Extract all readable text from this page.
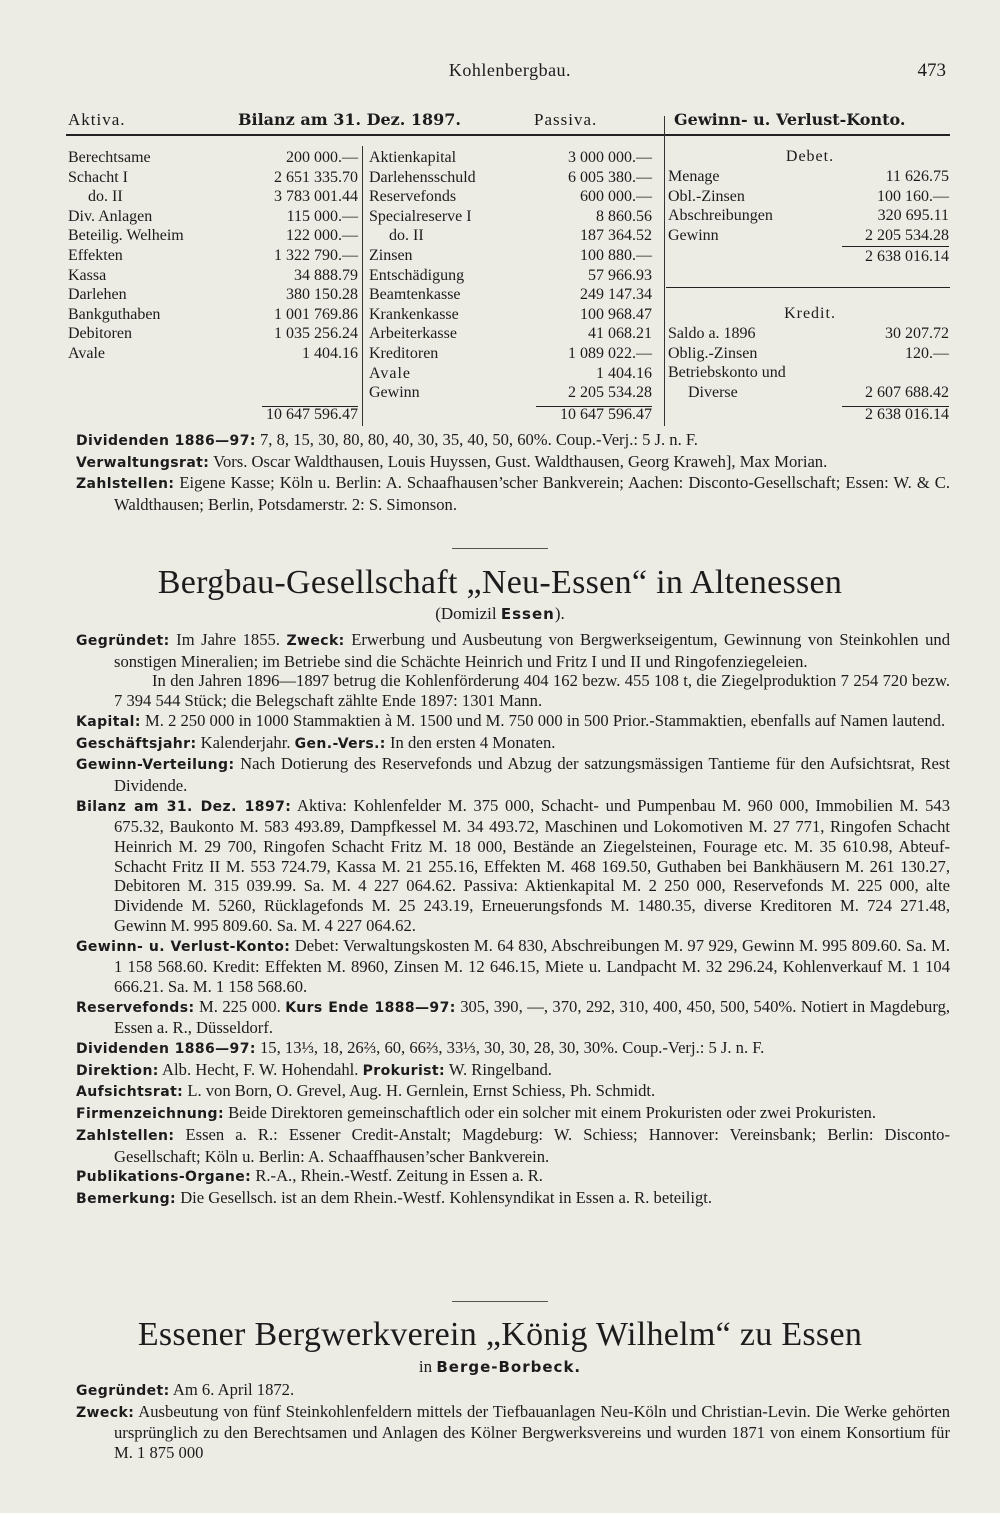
Kohlenbergbau.	473
Aktiva.	Bilanz am 31. Dez. 1897.	Passiva.	Gewinn- u. Verlust-Konto.
Berechtsame	200 000.—
Schacht I	2 651 335.70
do. II	3 783 001.44
Div. Anlagen	115 000.—
Beteilig. Welheim	122 000.—
Effekten	1 322 790.—
Kassa	34 888.79
Darlehen	380 150.28
Bankguthaben	1 001 769.86
Debitoren	1 035 256.24
Avale	1 404.16
10 647 596.47
Aktienkapital	3 000 000.—
Darlehensschuld	6 005 380.—
Reservefonds	600 000.—
Specialreserve I	8 860.56
do. II	187 364.52
Zinsen	100 880.—
Entschädigung	57 966.93
Beamtenkasse	249 147.34
Krankenkasse	100 968.47
Arbeiterkasse	41 068.21
Kreditoren	1 089 022.—
Avale	1 404.16
Gewinn	2 205 534.28
10 647 596.47
Debet.
Menage	11 626.75
Obl.-Zinsen	100 160.—
Abschreibungen	320 695.11
Gewinn	2 205 534.28
2 638 016.14
Kredit.
Saldo a. 1896	30 207.72
Oblig.-Zinsen	120.—
Betriebskonto und	
Diverse	2 607 688.42
2 638 016.14

Dividenden 1886—97: 7, 8, 15, 30, 80, 80, 40, 30, 35, 40, 50, 60%. Coup.-Verj.: 5 J. n. F.

Verwaltungsrat: Vors. Oscar Waldthausen, Louis Huyssen, Gust. Waldthausen, Georg Kraweh], Max Morian.

Zahlstellen: Eigene Kasse; Köln u. Berlin: A. Schaafhausen’scher Bankverein; Aachen: Disconto-Gesellschaft; Essen: W. & C. Waldthausen; Berlin, Potsdamerstr. 2: S. Simonson.

Bergbau-Gesellschaft „Neu-Essen“ in Altenessen
(Domizil Essen).

Gegründet: Im Jahre 1855. Zweck: Erwerbung und Ausbeutung von Bergwerkseigentum, Gewinnung von Steinkohlen und sonstigen Mineralien; im Betriebe sind die Schächte Heinrich und Fritz I und II und Ringofenziegeleien.

In den Jahren 1896—1897 betrug die Kohlenförderung 404 162 bezw. 455 108 t, die Ziegelproduktion 7 254 720 bezw. 7 394 544 Stück; die Belegschaft zählte Ende 1897: 1301 Mann.

Kapital: M. 2 250 000 in 1000 Stammaktien à M. 1500 und M. 750 000 in 500 Prior.-Stammaktien, ebenfalls auf Namen lautend.

Geschäftsjahr: Kalenderjahr. Gen.-Vers.: In den ersten 4 Monaten.

Gewinn-Verteilung: Nach Dotierung des Reservefonds und Abzug der satzungsmässigen Tantieme für den Aufsichtsrat, Rest Dividende.

Bilanz am 31. Dez. 1897: Aktiva: Kohlenfelder M. 375 000, Schacht- und Pumpenbau M. 960 000, Immobilien M. 543 675.32, Baukonto M. 583 493.89, Dampfkessel M. 34 493.72, Maschinen und Lokomotiven M. 27 771, Ringofen Schacht Heinrich M. 29 700, Ringofen Schacht Fritz M. 18 000, Bestände an Ziegelsteinen, Fourage etc. M. 35 610.98, Abteuf-Schacht Fritz II M. 553 724.79, Kassa M. 21 255.16, Effekten M. 468 169.50, Guthaben bei Bankhäusern M. 261 130.27, Debitoren M. 315 039.99. Sa. M. 4 227 064.62. Passiva: Aktienkapital M. 2 250 000, Reservefonds M. 225 000, alte Dividende M. 5260, Rücklagefonds M. 25 243.19, Erneuerungsfonds M. 1480.35, diverse Kreditoren M. 724 271.48, Gewinn M. 995 809.60. Sa. M. 4 227 064.62.

Gewinn- u. Verlust-Konto: Debet: Verwaltungskosten M. 64 830, Abschreibungen M. 97 929, Gewinn M. 995 809.60. Sa. M. 1 158 568.60. Kredit: Effekten M. 8960, Zinsen M. 12 646.15, Miete u. Landpacht M. 32 296.24, Kohlenverkauf M. 1 104 666.21. Sa. M. 1 158 568.60.

Reservefonds: M. 225 000. Kurs Ende 1888—97: 305, 390, —, 370, 292, 310, 400, 450, 500, 540%. Notiert in Magdeburg, Essen a. R., Düsseldorf.

Dividenden 1886—97: 15, 13⅓, 18, 26⅔, 60, 66⅔, 33⅓, 30, 30, 28, 30, 30%. Coup.-Verj.: 5 J. n. F.

Direktion: Alb. Hecht, F. W. Hohendahl. Prokurist: W. Ringelband.

Aufsichtsrat: L. von Born, O. Grevel, Aug. H. Gernlein, Ernst Schiess, Ph. Schmidt.

Firmenzeichnung: Beide Direktoren gemeinschaftlich oder ein solcher mit einem Prokuristen oder zwei Prokuristen.

Zahlstellen: Essen a. R.: Essener Credit-Anstalt; Magdeburg: W. Schiess; Hannover: Vereinsbank; Berlin: Disconto-Gesellschaft; Köln u. Berlin: A. Schaaffhausen’scher Bankverein.

Publikations-Organe: R.-A., Rhein.-Westf. Zeitung in Essen a. R.

Bemerkung: Die Gesellsch. ist an dem Rhein.-Westf. Kohlensyndikat in Essen a. R. beteiligt.

Essener Bergwerkverein „König Wilhelm“ zu Essen
in Berge-Borbeck.

Gegründet: Am 6. April 1872.

Zweck: Ausbeutung von fünf Steinkohlenfeldern mittels der Tiefbauanlagen Neu-Köln und Christian-Levin. Die Werke gehörten ursprünglich zu den Berechtsamen und Anlagen des Kölner Bergwerksvereins und wurden 1871 von einem Konsortium für M. 1 875 000
